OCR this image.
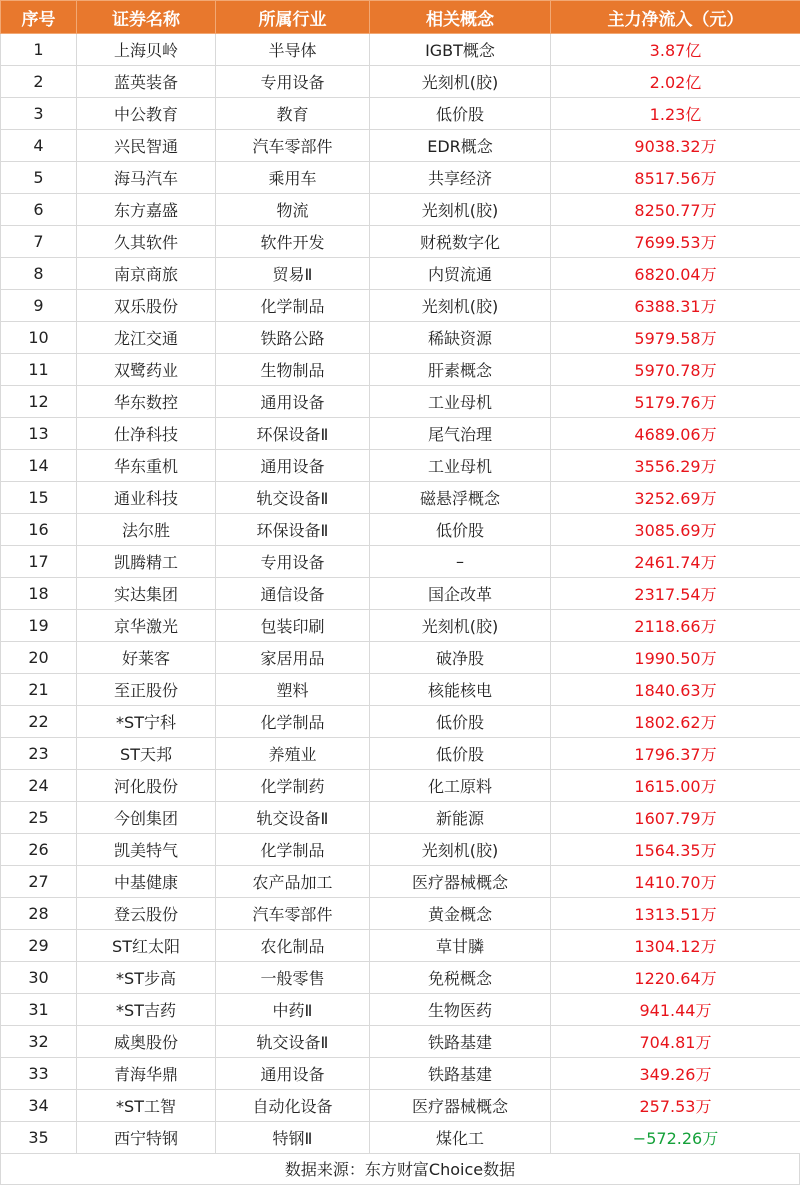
序号	证券名称	所属行业	相关概念	主力净流入（元）
1	上海贝岭	半导体	IGBT概念	3.87亿
2	蓝英装备	专用设备	光刻机(胶)	2.02亿
3	中公教育	教育	低价股	1.23亿
4	兴民智通	汽车零部件	EDR概念	9038.32万
5	海马汽车	乘用车	共享经济	8517.56万
6	东方嘉盛	物流	光刻机(胶)	8250.77万
7	久其软件	软件开发	财税数字化	7699.53万
8	南京商旅	贸易Ⅱ	内贸流通	6820.04万
9	双乐股份	化学制品	光刻机(胶)	6388.31万
10	龙江交通	铁路公路	稀缺资源	5979.58万
11	双鹭药业	生物制品	肝素概念	5970.78万
12	华东数控	通用设备	工业母机	5179.76万
13	仕净科技	环保设备Ⅱ	尾气治理	4689.06万
14	华东重机	通用设备	工业母机	3556.29万
15	通业科技	轨交设备Ⅱ	磁悬浮概念	3252.69万
16	法尔胜	环保设备Ⅱ	低价股	3085.69万
17	凯腾精工	专用设备	–	2461.74万
18	实达集团	通信设备	国企改革	2317.54万
19	京华激光	包装印刷	光刻机(胶)	2118.66万
20	好莱客	家居用品	破净股	1990.50万
21	至正股份	塑料	核能核电	1840.63万
22	*ST宁科	化学制品	低价股	1802.62万
23	ST天邦	养殖业	低价股	1796.37万
24	河化股份	化学制药	化工原料	1615.00万
25	今创集团	轨交设备Ⅱ	新能源	1607.79万
26	凯美特气	化学制品	光刻机(胶)	1564.35万
27	中基健康	农产品加工	医疗器械概念	1410.70万
28	登云股份	汽车零部件	黄金概念	1313.51万
29	ST红太阳	农化制品	草甘膦	1304.12万
30	*ST步高	一般零售	免税概念	1220.64万
31	*ST吉药	中药Ⅱ	生物医药	941.44万
32	威奥股份	轨交设备Ⅱ	铁路基建	704.81万
33	青海华鼎	通用设备	铁路基建	349.26万
34	*ST工智	自动化设备	医疗器械概念	257.53万
35	西宁特钢	特钢Ⅱ	煤化工	−572.26万
数据来源：东方财富Choice数据
